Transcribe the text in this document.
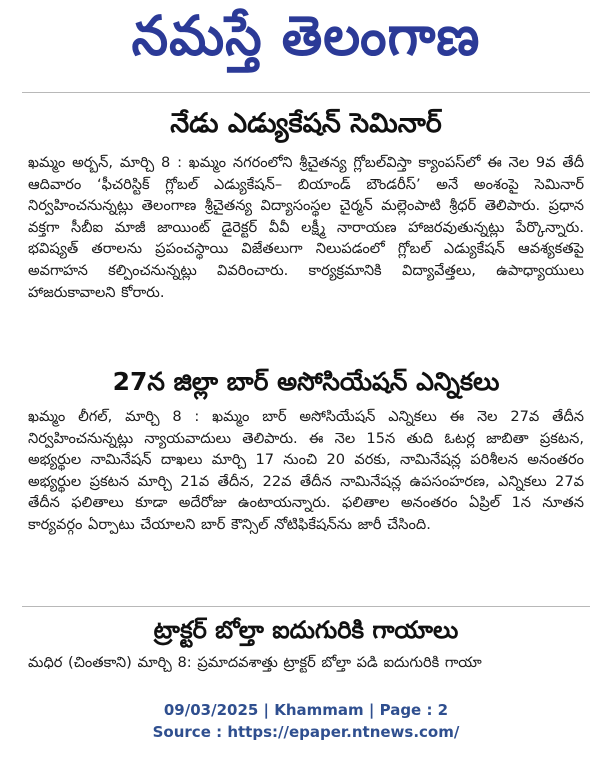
నమస్తే తెలంగాణ
నేడు ఎడ్యుకేషన్ సెమినార్

ఖమ్మం అర్బన్, మార్చి 8 : ఖమ్మం నగరంలోని శ్రీచైతన్య గ్లోబల్‌విస్తా క్యాంపస్‌లో ఈ నెల 9వ తేదీ ఆదివారం ‘ఫీచరిస్టిక్ గ్లోబల్ ఎడ్యుకేషన్– బియాండ్ బౌండరీస్’ అనే అంశంపై సెమినార్ నిర్వహించనున్నట్లు తెలంగాణ శ్రీచైతన్య విద్యాసంస్థల చైర్మన్ మల్లెంపాటి శ్రీధర్ తెలిపారు. ప్రధాన వక్తగా సీబీఐ మాజీ జాయింట్ డైరెక్టర్ వీవీ లక్ష్మీ నారాయణ హాజరవుతున్నట్లు పేర్కొన్నారు. భవిష్యత్ తరాలను ప్రపంచస్థాయి విజేతలుగా నిలుపడంలో గ్లోబల్ ఎడ్యుకేషన్ ఆవశ్యకతపై అవగాహన కల్పించనున్నట్లు వివరించారు. కార్యక్రమానికి విద్యావేత్తలు, ఉపాధ్యాయులు హాజరుకావాలని కోరారు.

27న జిల్లా బార్ అసోసియేషన్ ఎన్నికలు

ఖమ్మం లీగల్, మార్చి 8 : ఖమ్మం బార్ అసోసియేషన్ ఎన్నికలు ఈ నెల 27వ తేదీన నిర్వహించనున్నట్లు న్యాయవాదులు తెలిపారు. ఈ నెల 15న తుది ఓటర్ల జాబితా ప్రకటన, అభ్యర్థుల నామినేషన్ దాఖలు మార్చి 17 నుంచి 20 వరకు, నామినేషన్ల పరిశీలన అనంతరం అభ్యర్థుల ప్రకటన మార్చి 21వ తేదీన, 22వ తేదీన నామినేషన్ల ఉపసంహరణ, ఎన్నికలు 27వ తేదీన ఫలితాలు కూడా అదేరోజు ఉంటాయన్నారు. ఫలితాల అనంతరం ఏప్రిల్ 1న నూతన కార్యవర్గం ఏర్పాటు చేయాలని బార్ కౌన్సిల్ నోటిఫికేషన్‌ను జారీ చేసింది.

ట్రాక్టర్ బోల్తా ఐదుగురికి గాయాలు

మధిర (చింతకాని) మార్చి 8: ప్రమాదవశాత్తు ట్రాక్టర్ బోల్తా పడి ఐదుగురికి గాయా

09/03/2025 | Khammam | Page : 2
Source : https://epaper.ntnews.com/
